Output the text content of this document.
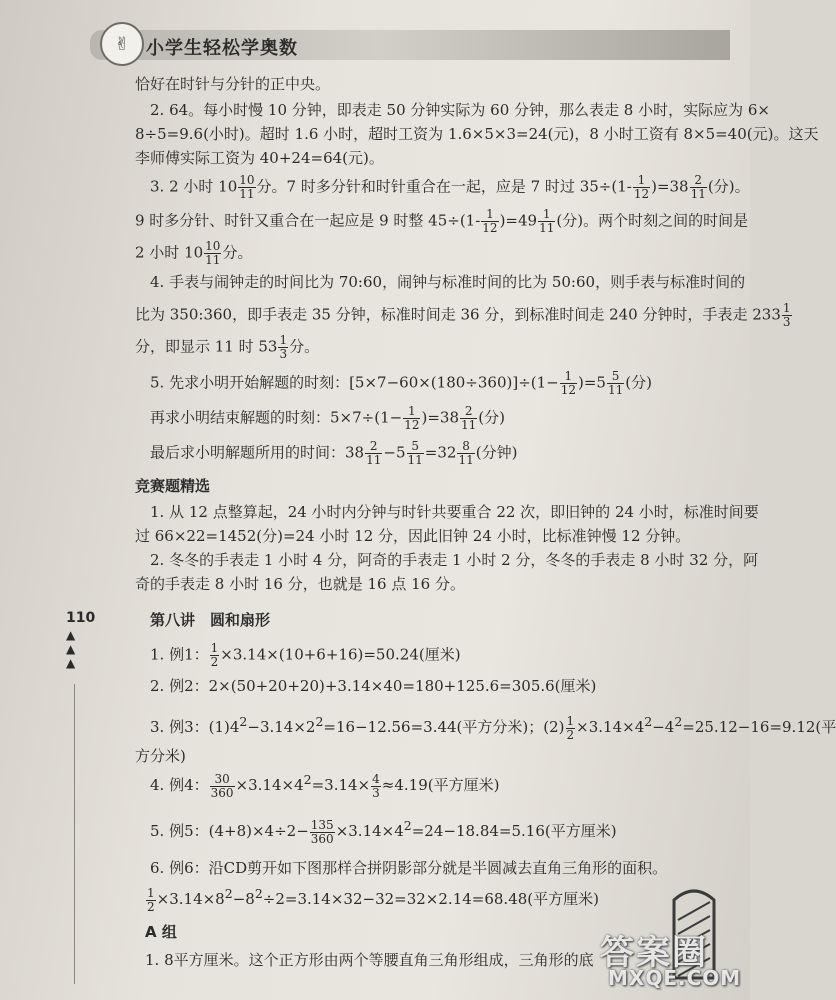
✌ 小学生轻松学奥数
恰好在时针与分针的正中央。
2. 64。每小时慢 10 分钟，即表走 50 分钟实际为 60 分钟，那么表走 8 小时，实际应为 6×
8÷5=9.6(小时)。超时 1.6 小时，超时工资为 1.6×5×3=24(元)，8 小时工资有 8×5=40(元)。这天
李师傅实际工资为 40+24=64(元)。
3. 2 小时 $10 \frac{10}{11}$ 分。7 时多分针和时针重合在一起，应是 7 时过 $35\div(1- \frac{1}{12} )=38 \frac{2}{11}$ (分)。
9 时多分针、时针又重合在一起应是 9 时整 $45\div(1- \frac{1}{12} )=49 \frac{1}{11}$ (分)。两个时刻之间的时间是
2 小时 $10 \frac{10}{11}$ 分。
4. 手表与闹钟走的时间比为 70:60，闹钟与标准时间的比为 50:60，则手表与标准时间的
比为 350:360，即手表走 35 分钟，标准时间走 36 分，到标准时间走 240 分钟时，手表走 $233 \frac{1}{3}$
分，即显示 11 时 $53 \frac{1}{3}$ 分。
5. 先求小明开始解题的时刻：$[5\times 7-60\times(180\div 360)]\div(1- \frac{1}{12} )=5 \frac{5}{11}$ (分)
再求小明结束解题的时刻：$5\times 7\div(1- \frac{1}{12} )=38 \frac{2}{11}$ (分)
最后求小明解题所用的时间：$38 \frac{2}{11} -5 \frac{5}{11} =32 \frac{8}{11}$ (分钟)
竞赛题精选
1. 从 12 点整算起，24 小时内分钟与时针共要重合 22 次，即旧钟的 24 小时，标准时间要
过 66×22=1452(分)=24 小时 12 分，因此旧钟 24 小时，比标准钟慢 12 分钟。
2. 冬冬的手表走 1 小时 4 分，阿奇的手表走 1 小时 2 分，冬冬的手表走 8 小时 32 分，阿
奇的手表走 8 小时 16 分，也就是 16 点 16 分。
110
▲
▲
▲
第八讲　圆和扇形
1. 例1： $\frac{1}{2} \times 3.14\times(10+6+16)=50.24$(厘米)
2. 例2：2×(50+20+20)+3.14×40=180+125.6=305.6(厘米)
3. 例3：$(1)4^2-3.14\times 2^2=16-12.56=3.44$(平方分米)；$(2) \frac{1}{2} \times 3.14\times 4^2-4^2=25.12-16=9.12$(平
方分米)
4. 例4： $\frac{30}{360} \times 3.14\times 4^2=3.14\times \frac{4}{3} \approx 4.19$(平方厘米)
5. 例5：$(4+8)\times 4\div 2- \frac{135}{360} \times 3.14\times 4^2=24-18.84=5.16$(平方厘米)
6. 例6：沿CD剪开如下图那样合拼阴影部分就是半圆减去直角三角形的面积。
$\frac{1}{2} \times 3.14\times 8^2-8^2\div 2=3.14\times 32-32=32\times 2.14=68.48$(平方厘米)
A 组
1. 8平方厘米。这个正方形由两个等腰直角三角形组成，三角形的底 答案圈
MXQE.COM
